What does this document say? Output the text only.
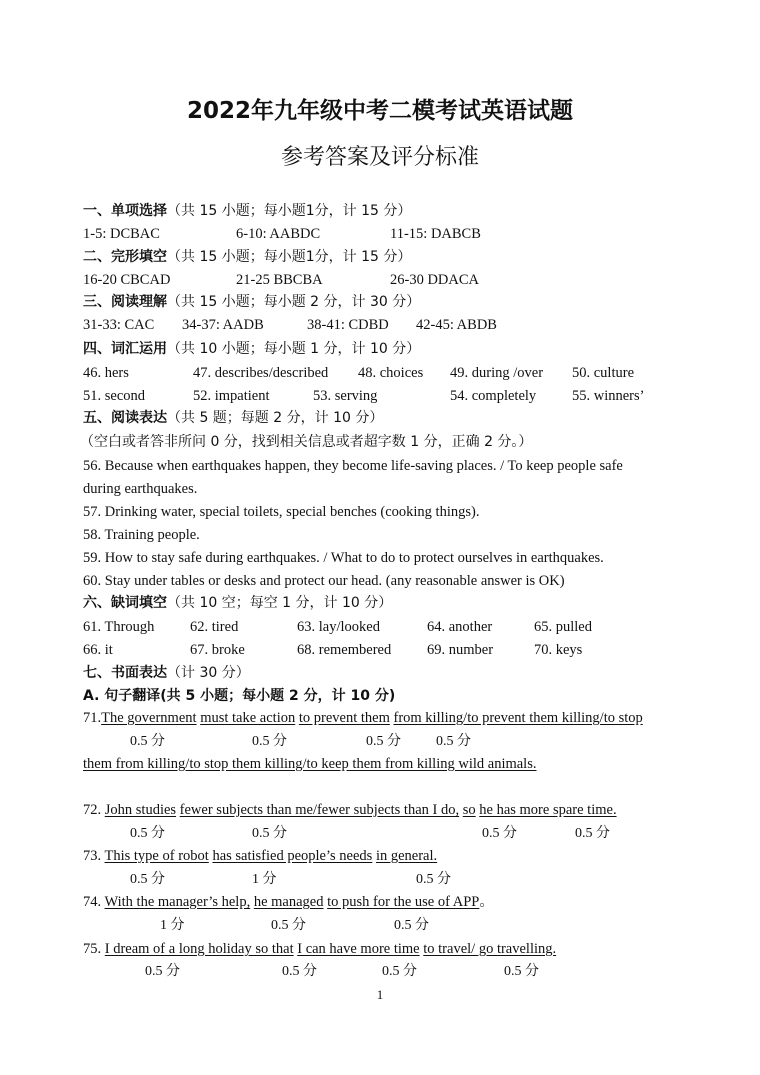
2022年九年级中考二模考试英语试题
参考答案及评分标准
一、单项选择（共 15 小题；每小题1分，计 15 分）
1-5: DCBAC	6-10: AABDC	11-15: DABCB
二、完形填空（共 15 小题；每小题1分，计 15 分）
16-20 CBCAD	21-25 BBCBA	26-30 DDACA
三、阅读理解（共 15 小题；每小题 2 分，计 30 分）
31-33: CAC 34-37: AADB	38-41: CDBD 42-45: ABDB
四、词汇运用（共 10 小题；每小题 1 分，计 10 分）
46. hers	47. describes/described 48. choices 49. during /over 50. culture
51. second	52. impatient	53. serving	54. completely 55. winners’
五、阅读表达（共 5 题；每题 2 分，计 10 分）
（空白或者答非所问 0 分，找到相关信息或者超字数 1 分，正确 2 分。）
56. Because when earthquakes happen, they become life-saving places. / To keep people safe
during earthquakes.
57. Drinking water, special toilets, special benches (cooking things).
58. Training people.
59. How to stay safe during earthquakes. / What to do to protect ourselves in earthquakes.
60. Stay under tables or desks and protect our head. (any reasonable answer is OK)
六、缺词填空（共 10 空；每空 1 分，计 10 分）
61. Through 62. tired	63. lay/looked	64. another	65. pulled
66. it	67. broke	68. remembered 69. number	70. keys
七、书面表达（计 30 分）
A. 句子翻译(共 5 小题；每小题 2 分，计 10 分)
71.The government must take action to prevent them from killing/to prevent them killing/to stop
0.5 分	0.5 分	0.5 分	0.5 分
them from killing/to stop them killing/to keep them from killing wild animals.
72. John studies fewer subjects than me/fewer subjects than I do, so he has more spare time.
0.5 分	0.5 分	0.5 分	0.5 分
73. This type of robot has satisfied people’s needs in general.
0.5 分	1 分	0.5 分
74. With the manager’s help, he managed to push for the use of APP。
1 分	0.5 分	0.5 分
75. I dream of a long holiday so that I can have more time to travel/ go travelling.
0.5 分	0.5 分	0.5 分	0.5 分
1
